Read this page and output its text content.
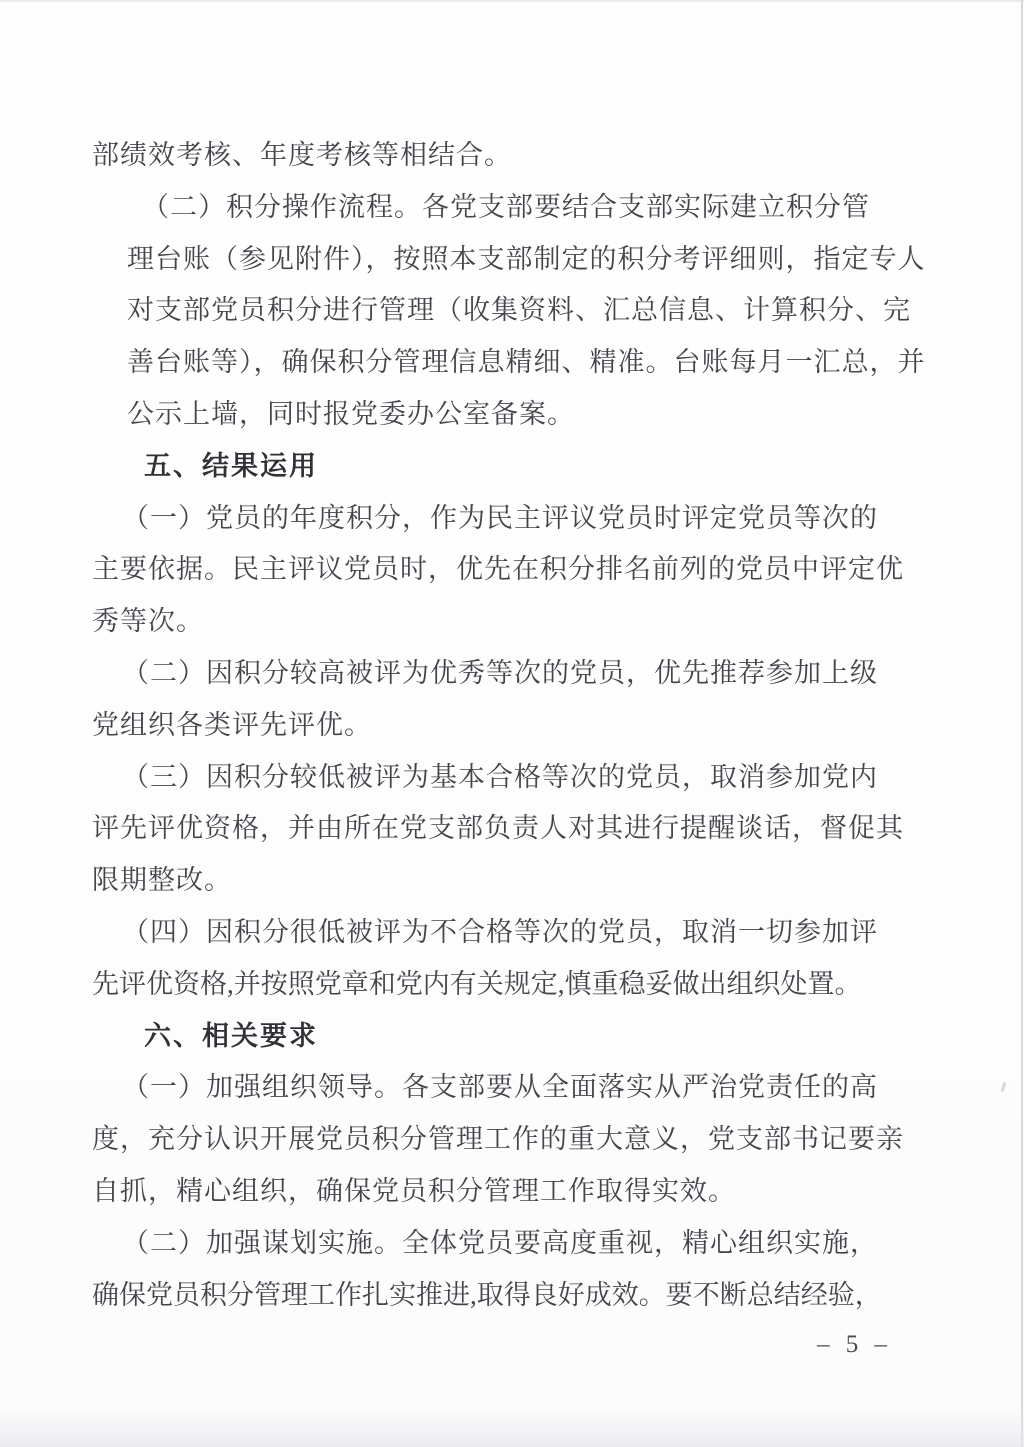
部绩效考核、年度考核等相结合。
（二）积分操作流程。各党支部要结合支部实际建立积分管
理台账（参见附件），按照本支部制定的积分考评细则，指定专人
对支部党员积分进行管理（收集资料、汇总信息、计算积分、完
善台账等），确保积分管理信息精细、精准。台账每月一汇总，并
公示上墙，同时报党委办公室备案。
五、结果运用
（一）党员的年度积分，作为民主评议党员时评定党员等次的
主要依据。民主评议党员时，优先在积分排名前列的党员中评定优
秀等次。
（二）因积分较高被评为优秀等次的党员，优先推荐参加上级
党组织各类评先评优。
（三）因积分较低被评为基本合格等次的党员，取消参加党内
评先评优资格，并由所在党支部负责人对其进行提醒谈话，督促其
限期整改。
（四）因积分很低被评为不合格等次的党员，取消一切参加评
先评优资格,并按照党章和党内有关规定,慎重稳妥做出组织处置。
六、相关要求
（一）加强组织领导。各支部要从全面落实从严治党责任的高
度，充分认识开展党员积分管理工作的重大意义，党支部书记要亲
自抓，精心组织，确保党员积分管理工作取得实效。
（二）加强谋划实施。全体党员要高度重视，精心组织实施，
确保党员积分管理工作扎实推进,取得良好成效。要不断总结经验，
– 5 –
